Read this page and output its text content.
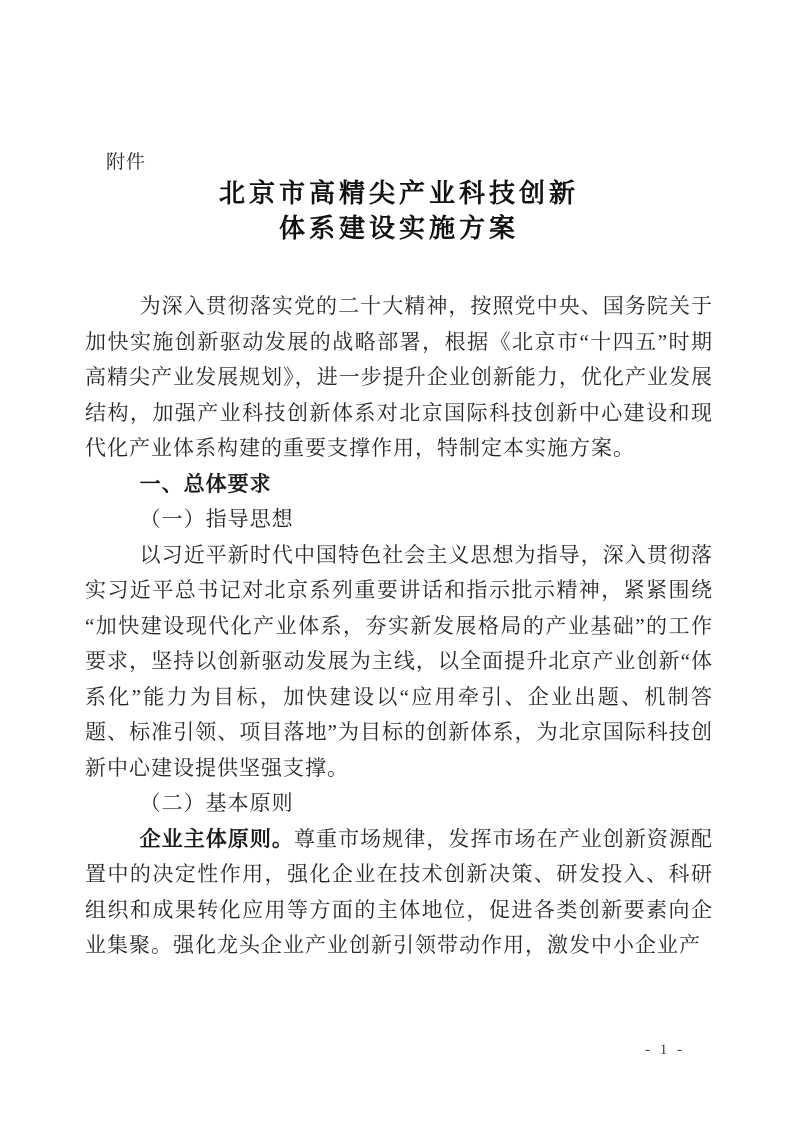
附件
北京市高精尖产业科技创新
体系建设实施方案

为深入贯彻落实党的二十大精神，按照党中央、国务院关于加快实施创新驱动发展的战略部署，根据《北京市“十四五”时期高精尖产业发展规划》，进一步提升企业创新能力，优化产业发展结构，加强产业科技创新体系对北京国际科技创新中心建设和现代化产业体系构建的重要支撑作用，特制定本实施方案。

一、总体要求

（一）指导思想

以习近平新时代中国特色社会主义思想为指导，深入贯彻落实习近平总书记对北京系列重要讲话和指示批示精神，紧紧围绕“加快建设现代化产业体系，夯实新发展格局的产业基础”的工作要求，坚持以创新驱动发展为主线，以全面提升北京产业创新“体系化”能力为目标，加快建设以“应用牵引、企业出题、机制答题、标准引领、项目落地”为目标的创新体系，为北京国际科技创新中心建设提供坚强支撑。

（二）基本原则

企业主体原则。尊重市场规律，发挥市场在产业创新资源配置中的决定性作用，强化企业在技术创新决策、研发投入、科研组织和成果转化应用等方面的主体地位，促进各类创新要素向企业集聚。强化龙头企业产业创新引领带动作用，激发中小企业产

- 1 -
